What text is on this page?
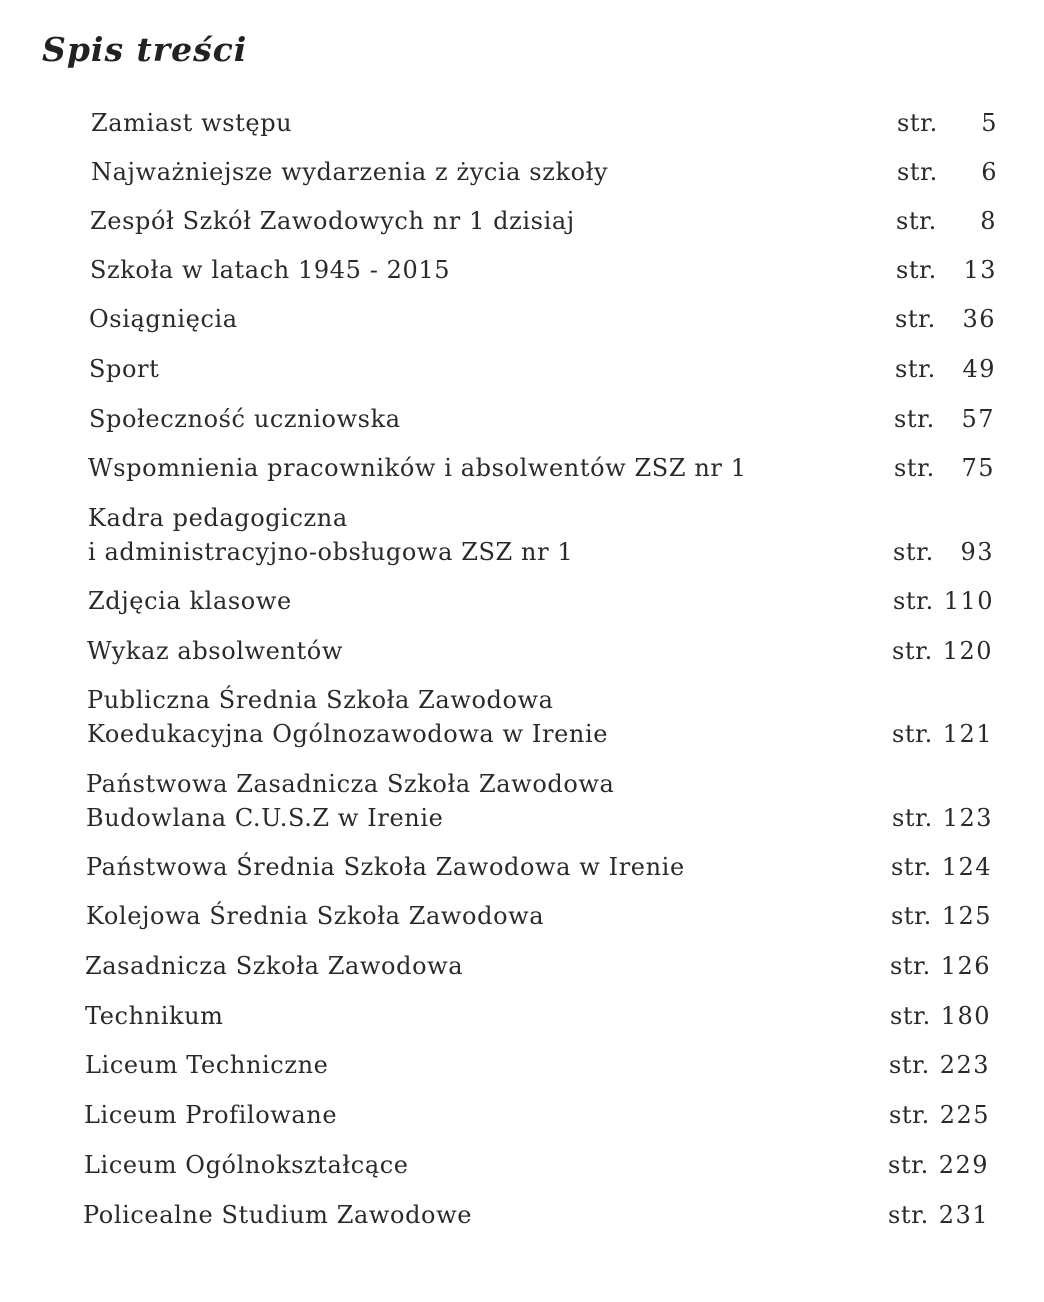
Spis treści
Zamiast wstępu	str. 5
Najważniejsze wydarzenia z życia szkoły	str. 6
Zespół Szkół Zawodowych nr 1 dzisiaj	str. 8
Szkoła w latach 1945 - 2015	str. 13
Osiągnięcia	str. 36
Sport	str. 49
Społeczność uczniowska	str. 57
Wspomnienia pracowników i absolwentów ZSZ nr 1	str. 75
Kadra pedagogiczna
i administracyjno-obsługowa ZSZ nr 1	str. 93
Zdjęcia klasowe	str. 110
Wykaz absolwentów	str. 120
Publiczna Średnia Szkoła Zawodowa
Koedukacyjna Ogólnozawodowa w Irenie	str. 121
Państwowa Zasadnicza Szkoła Zawodowa
Budowlana C.U.S.Z w Irenie	str. 123
Państwowa Średnia Szkoła Zawodowa w Irenie	str. 124
Kolejowa Średnia Szkoła Zawodowa	str. 125
Zasadnicza Szkoła Zawodowa	str. 126
Technikum	str. 180
Liceum Techniczne	str. 223
Liceum Profilowane	str. 225
Liceum Ogólnokształcące	str. 229
Policealne Studium Zawodowe	str. 231
